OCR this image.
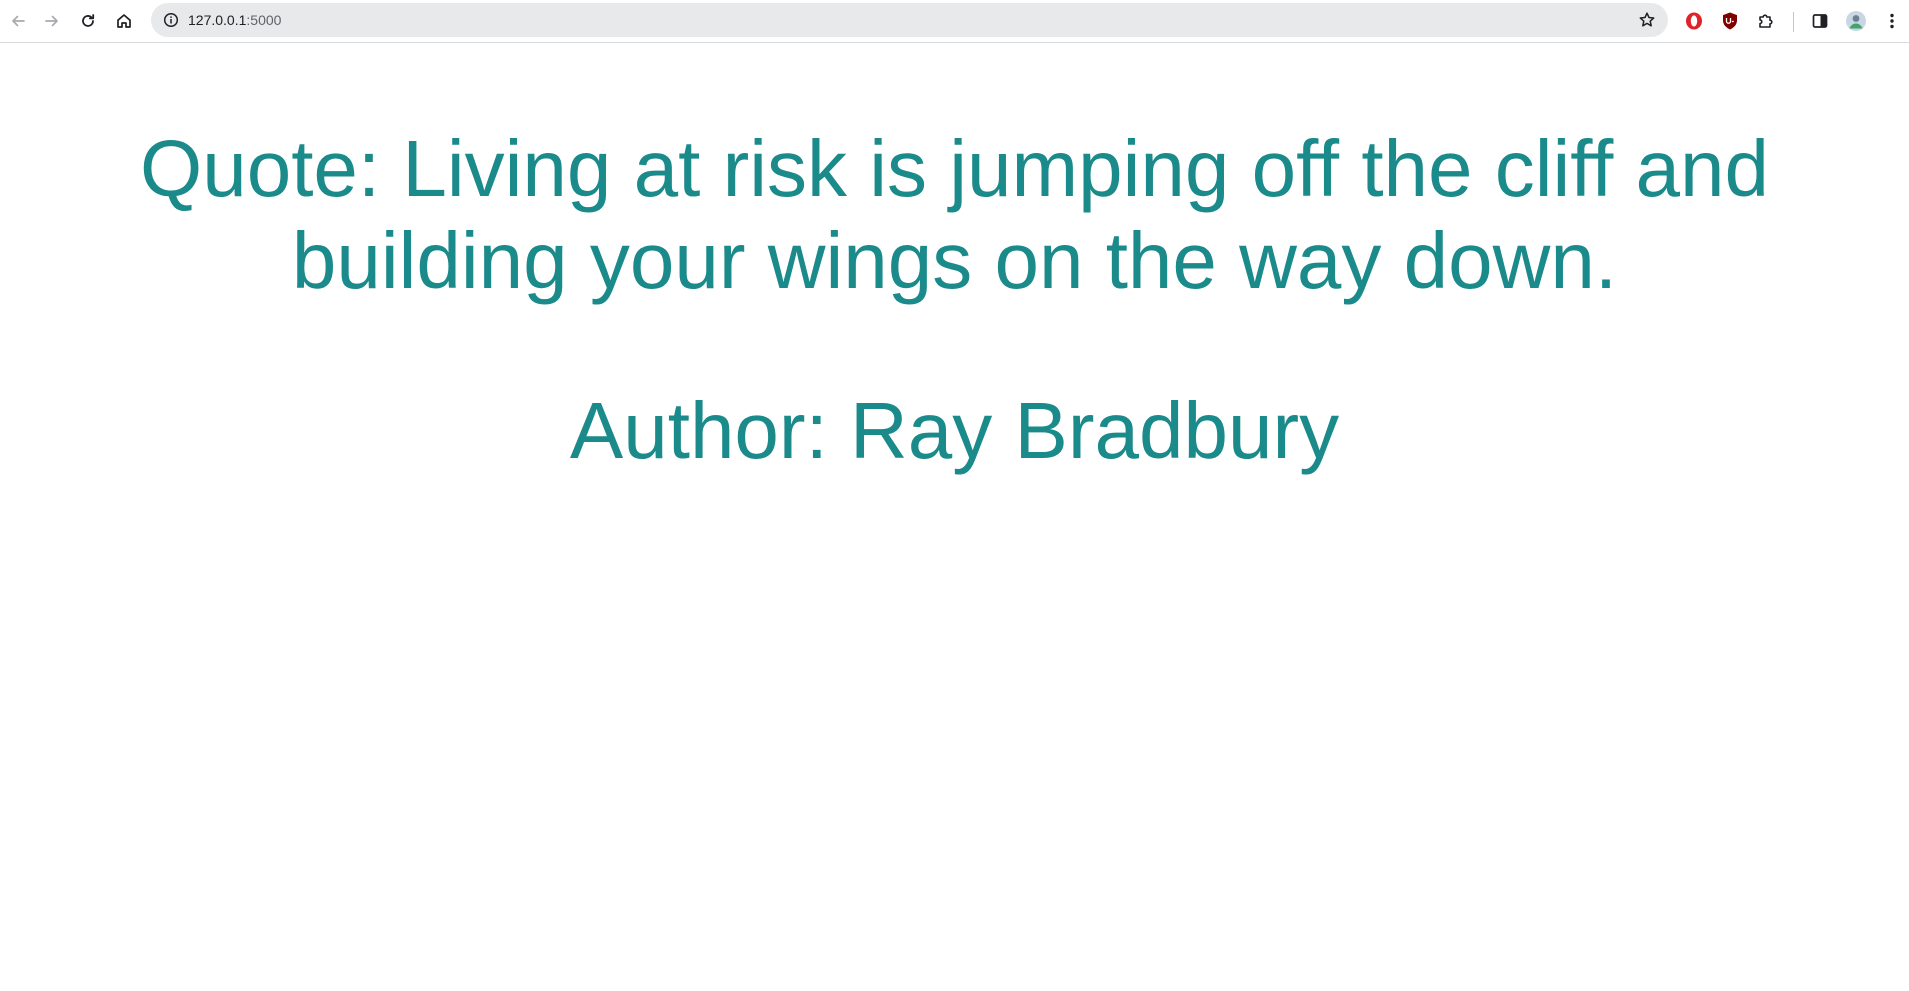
127.0.0.1:5000
Quote: Living at risk is jumping off the cliff and building your wings on the way down.
Author: Ray Bradbury
